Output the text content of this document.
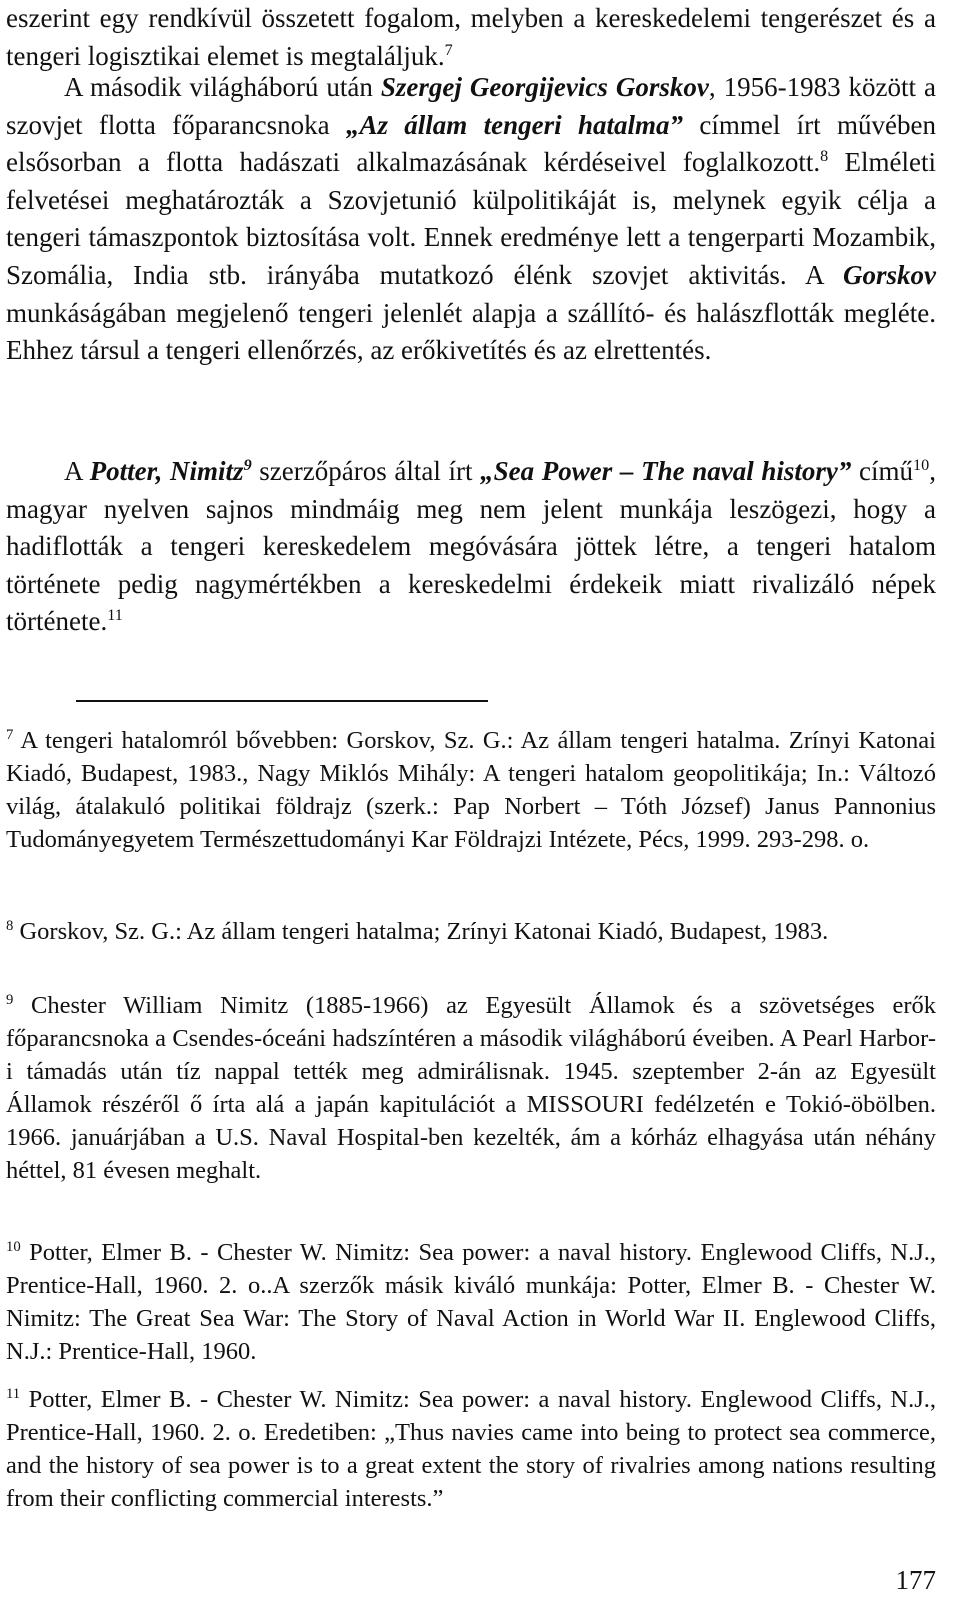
eszerint egy rendkívül összetett fogalom, melyben a kereskedelemi tengerészet és a tengeri logisztikai elemet is megtaláljuk.$^7$

A második világháború után Szergej Georgijevics Gorskov, 1956-1983 között a szovjet flotta főparancsnoka „Az állam tengeri hatalma” címmel írt művében elsősorban a flotta hadászati alkalmazásának kérdéseivel foglalkozott.$^8$ Elméleti felvetései meghatározták a Szovjetunió külpolitikáját is, melynek egyik célja a tengeri támaszpontok biztosítása volt. Ennek eredménye lett a tengerparti Mozambik, Szomália, India stb. irányába mutatkozó élénk szovjet aktivitás. A Gorskov munkáságában megjelenő tengeri jelenlét alapja a szállító- és halászflották megléte. Ehhez társul a tengeri ellenőrzés, az erőkivetítés és az elrettentés.

A Potter, Nimitz$^9$ szerzőpáros által írt „Sea Power – The naval history” című$^{10}$, magyar nyelven sajnos mindmáig meg nem jelent munkája leszögezi, hogy a hadiflották a tengeri kereskedelem megóvására jöttek létre, a tengeri hatalom története pedig nagymértékben a kereskedelmi érdekeik miatt rivalizáló népek története.$^{11}$

$^7$ A tengeri hatalomról bővebben: Gorskov, Sz. G.: Az állam tengeri hatalma. Zrínyi Katonai Kiadó, Budapest, 1983., Nagy Miklós Mihály: A tengeri hatalom geopolitikája; In.: Változó világ, átalakuló politikai földrajz (szerk.: Pap Norbert – Tóth József) Janus Pannonius Tudományegyetem Természettudományi Kar Földrajzi Intézete, Pécs, 1999. 293-298. o.

$^8$ Gorskov, Sz. G.: Az állam tengeri hatalma; Zrínyi Katonai Kiadó, Budapest, 1983.

$^9$ Chester William Nimitz (1885-1966) az Egyesült Államok és a szövetséges erők főparancsnoka a Csendes-óceáni hadszíntéren a második világháború éveiben. A Pearl Harbor-i támadás után tíz nappal tették meg admirálisnak. 1945. szeptember 2-án az Egyesült Államok részéről ő írta alá a japán kapitulációt a MISSOURI fedélzetén e Tokió-öbölben. 1966. januárjában a U.S. Naval Hospital-ben kezelték, ám a kórház elhagyása után néhány héttel, 81 évesen meghalt.

$^{10}$ Potter, Elmer B. - Chester W. Nimitz: Sea power: a naval history. Englewood Cliffs, N.J., Prentice-Hall, 1960. 2. o..A szerzők másik kiváló munkája: Potter, Elmer B. - Chester W. Nimitz: The Great Sea War: The Story of Naval Action in World War II. Englewood Cliffs, N.J.: Prentice-Hall, 1960.

$^{11}$ Potter, Elmer B. - Chester W. Nimitz: Sea power: a naval history. Englewood Cliffs, N.J., Prentice-Hall, 1960. 2. o. Eredetiben: „Thus navies came into being to protect sea commerce, and the history of sea power is to a great extent the story of rivalries among nations resulting from their conflicting commercial interests.”

177
